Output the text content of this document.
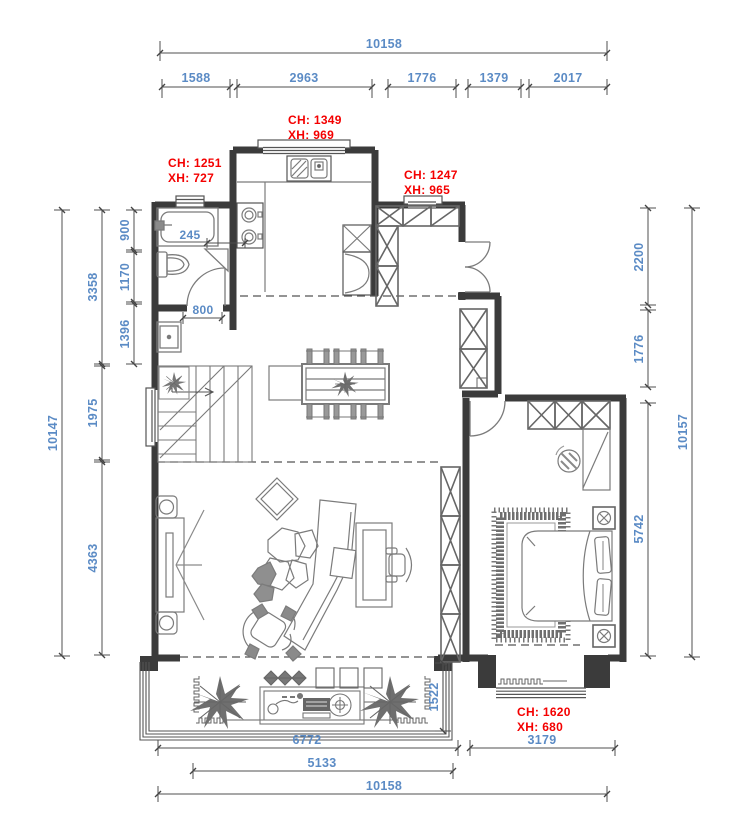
10158
1588	2963	1776	1379	2017
10147
3358
1975
4363
900
1170
1396
2200
1776
5742
10157
6772	3179
5133
10158
1522
245
800
CH: 1349
XH: 969
CH: 1251
XH: 727	CH: 1247
XH: 965
CH: 1620
XH: 680
